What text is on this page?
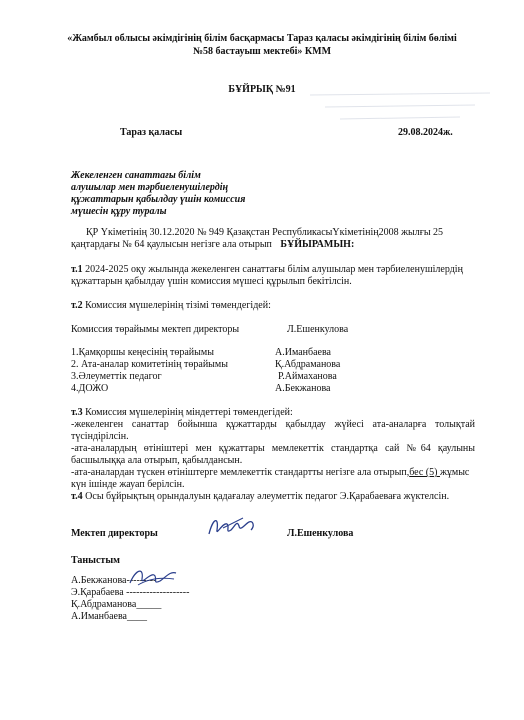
«Жамбыл облысы әкімдігінің білім басқармасы Тараз қаласы әкімдігінің білім бөлімі
№58 бастауыш мектебі» КММ
БҰЙРЫҚ №91
Тараз қаласы	29.08.2024ж.
Жекеленген санаттағы білім
алушылар мен тәрбиеленушілердің
құжаттарын қабылдау үшін комиссия
мүшесін құру туралы
ҚР Үкіметінің 30.12.2020 № 949 Қазақстан РеспубликасыҮкіметінің2008 жылғы 25
қаңтардағы № 64 қаулысын негізге ала отырып БҰЙЫРАМЫН:
т.1 2024-2025 оқу жылында жекеленген санаттағы білім алушылар мен тәрбиеленушілердің
құжаттарын қабылдау үшін комиссия мүшесі құрылып бекітілсін.
т.2 Комиссия мүшелерінің тізімі төмендегідей:
Комиссия төрайымы мектеп директоры	Л.Ешенкулова
1.Қамқоршы кеңесінің төрайымы	А.Иманбаева
2. Ата-аналар комитетінің төрайымы	Қ.Абдраманова
3.Әлеуметтік педагог	Р.Аймаханова
4.ДОЖО	А.Бекжанова
т.3 Комиссия мүшелерінің міндеттері төмендегідей:
-жекеленген санаттар бойынша құжаттарды қабылдау жүйесі ата-аналарға толықтай түсіндірілсін.
-ата-аналардың өтініштері мен құжаттары мемлекеттік стандартқа сай №64 қаулыны басшылыққа ала отырып, қабылдансын.
-ата-аналардан түскен өтініштерге мемлекеттік стандартты негізге ала отырып,бес (5) жұмыс күн ішінде жауап берілсін.
т.4 Осы бұйрықтың орындалуын қадағалау әлеуметтік педагог Э.Қарабаеваға жүктелсін.
Мектеп директоры	Л.Ешенкулова
Таныстым
А.Бекжанова---------
Э.Қарабаева -------------------
Қ.Абдраманова_____
А.Иманбаева____
